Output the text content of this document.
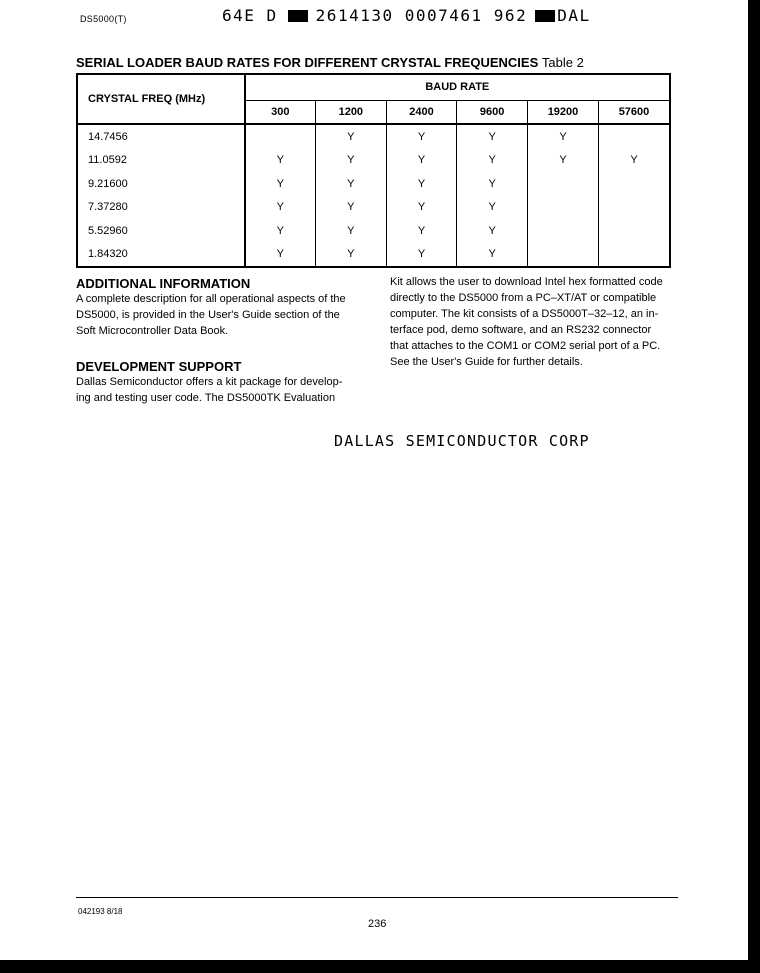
DS5000(T)	64E D 2614130 0007461 962 DAL
SERIAL LOADER BAUD RATES FOR DIFFERENT CRYSTAL FREQUENCIES Table 2
CRYSTAL FREQ (MHz)	BAUD RATE					
	300	1200	2400	9600	19200	57600
14.7456		Y	Y	Y	Y	
11.0592	Y	Y	Y	Y	Y	Y
9.21600	Y	Y	Y	Y		
7.37280	Y	Y	Y	Y		
5.52960	Y	Y	Y	Y		
1.84320	Y	Y	Y	Y		
ADDITIONAL INFORMATION

A complete description for all operational aspects of the

DS5000, is provided in the User's Guide section of the

Soft Microcontroller Data Book.

DEVELOPMENT SUPPORT

Dallas Semiconductor offers a kit package for develop-

ing and testing user code. The DS5000TK Evaluation

Kit allows the user to download Intel hex formatted code

directly to the DS5000 from a PC–XT/AT or compatible

computer. The kit consists of a DS5000T–32–12, an in-

terface pod, demo software, and an RS232 connector

that attaches to the COM1 or COM2 serial port of a PC.

See the User's Guide for further details.

DALLAS SEMICONDUCTOR CORP
042193 8/18
236
